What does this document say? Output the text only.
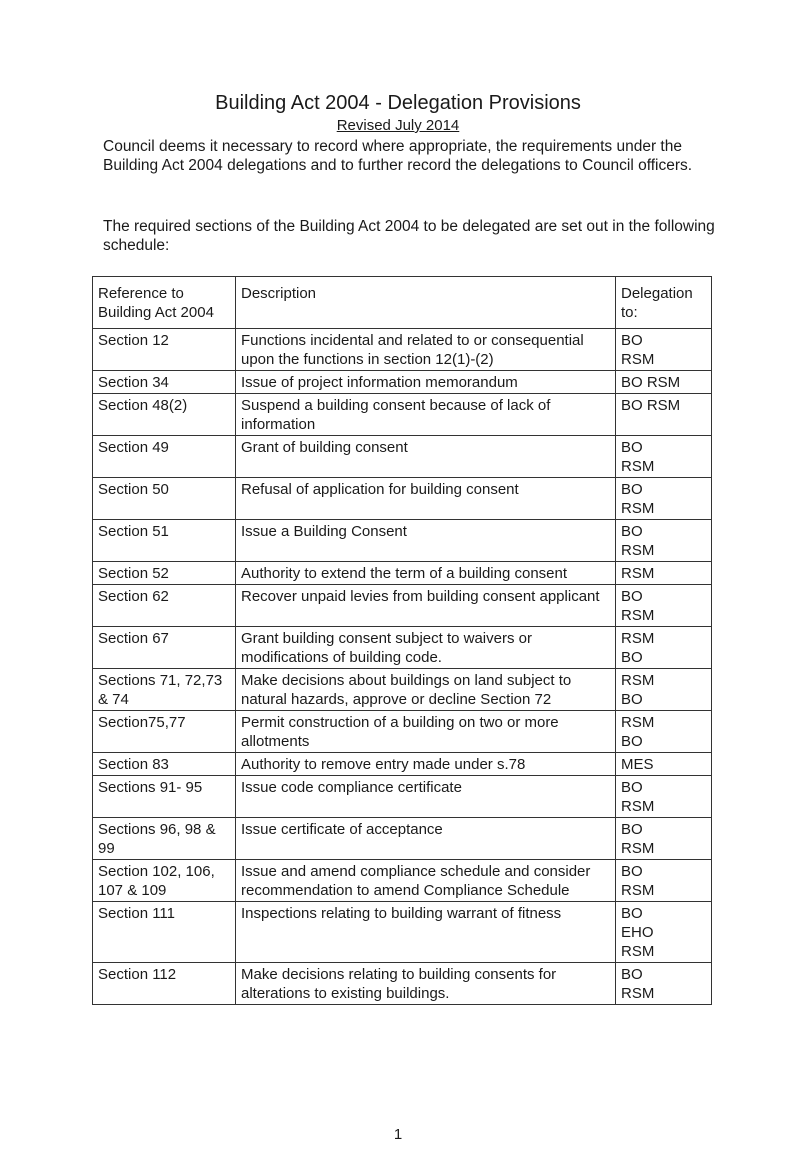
Building Act 2004 - Delegation Provisions
Revised July 2014

Council deems it necessary to record where appropriate, the requirements under the Building Act 2004 delegations and to further record the delegations to Council officers.

The required sections of the Building Act 2004 to be delegated are set out in the following schedule:

Reference to Building Act 2004	Description	Delegation to:
Section 12	Functions incidental and related to or consequential upon the functions in section 12(1)-(2)	BO
RSM

Section 34	Issue of project information memorandum	BO RSM

Section 48(2)	Suspend a building consent because of lack of information	BO RSM

Section 49	Grant of building consent	BO
RSM

Section 50	Refusal of application for building consent	BO
RSM

Section 51	Issue a Building Consent	BO
RSM

Section 52	Authority to extend the term of a building consent	RSM

Section 62	Recover unpaid levies from building consent applicant	BO
RSM

Section 67	Grant building consent subject to waivers or modifications of building code.	RSM
BO

Sections 71, 72,73 & 74	Make decisions about buildings on land subject to natural hazards, approve or decline Section 72	RSM
BO

Section75,77	Permit construction of a building on two or more allotments	RSM
BO

Section 83	Authority to remove entry made under s.78	MES

Sections 91- 95	Issue code compliance certificate	BO
RSM

Sections 96, 98 & 99	Issue certificate of acceptance	BO
RSM

Section 102, 106, 107 & 109	Issue and amend compliance schedule and consider recommendation to amend Compliance Schedule	BO
RSM

Section 111	Inspections relating to building warrant of fitness	BO
EHO
RSM

Section 112	Make decisions relating to building consents for alterations to existing buildings.	BO
RSM
1
